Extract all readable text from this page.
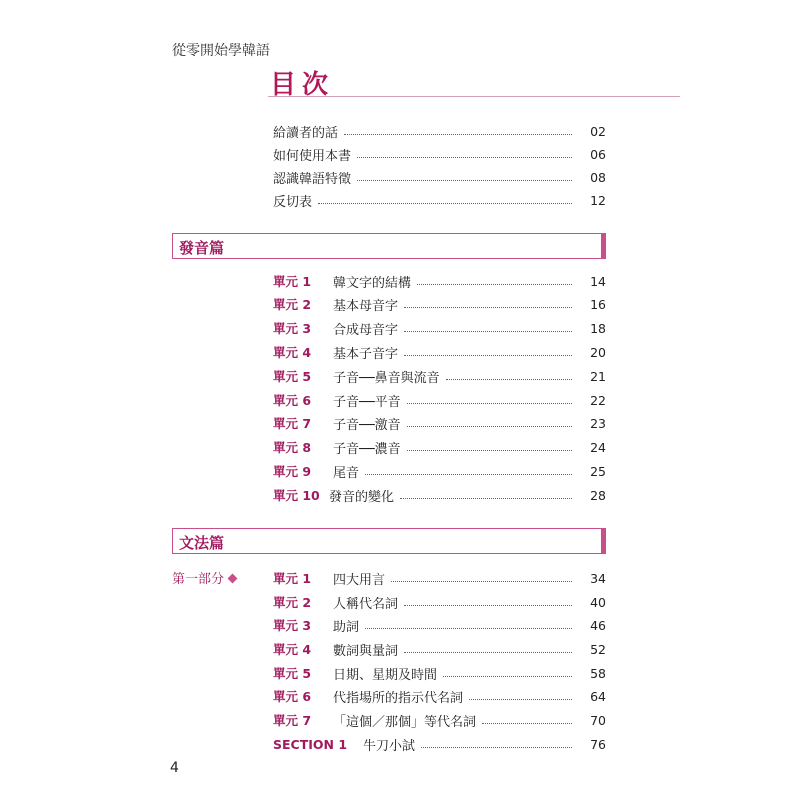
從零開始學韓語
目次
給讀者的話	02
如何使用本書	06
認識韓語特徵	08
反切表	12
發音篇
單元 1	韓文字的結構	14
單元 2	基本母音字	16
單元 3	合成母音字	18
單元 4	基本子音字	20
單元 5	子音──鼻音與流音	21
單元 6	子音──平音	22
單元 7	子音──激音	23
單元 8	子音──濃音	24
單元 9	尾音	25
單元 10 發音的變化	28
文法篇
第一部分	單元 1	四大用言	34
單元 2	人稱代名詞	40
單元 3	助詞	46
單元 4	數詞與量詞	52
單元 5	日期、星期及時間	58
單元 6	代指場所的指示代名詞	64
單元 7	「這個／那個」等代名詞	70
SECTION 1	牛刀小試	76
4
